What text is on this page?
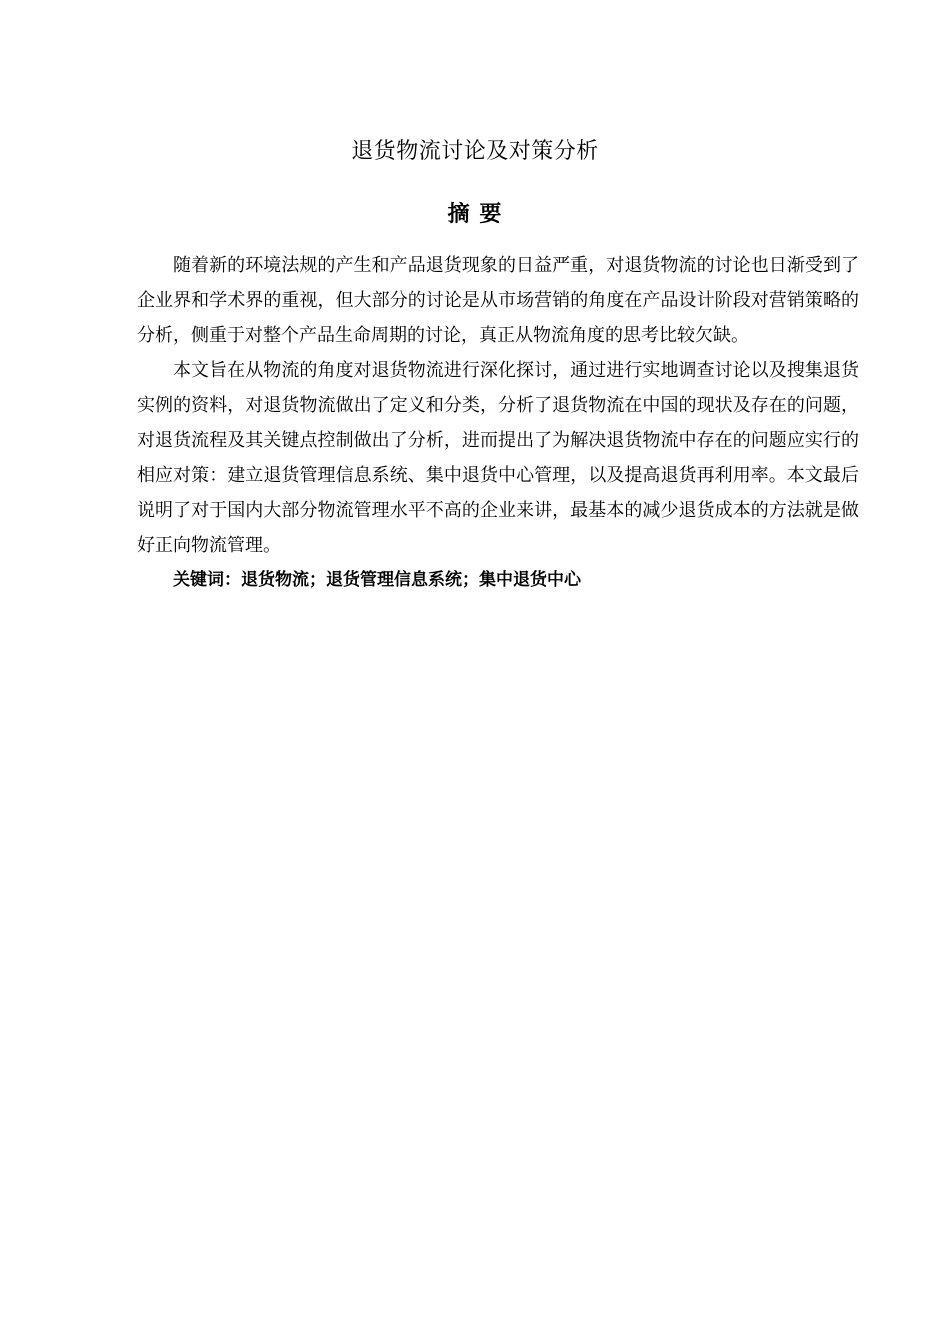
退货物流讨论及对策分析
摘 要

随着新的环境法规的产生和产品退货现象的日益严重，对退货物流的讨论也日渐受到了企业界和学术界的重视，但大部分的讨论是从市场营销的角度在产品设计阶段对营销策略的分析，侧重于对整个产品生命周期的讨论，真正从物流角度的思考比较欠缺。

本文旨在从物流的角度对退货物流进行深化探讨，通过进行实地调查讨论以及搜集退货实例的资料，对退货物流做出了定义和分类，分析了退货物流在中国的现状及存在的问题，对退货流程及其关键点控制做出了分析，进而提出了为解决退货物流中存在的问题应实行的相应对策：建立退货管理信息系统、集中退货中心管理，以及提高退货再利用率。本文最后说明了对于国内大部分物流管理水平不高的企业来讲，最基本的减少退货成本的方法就是做好正向物流管理。

关键词：退货物流；退货管理信息系统；集中退货中心
